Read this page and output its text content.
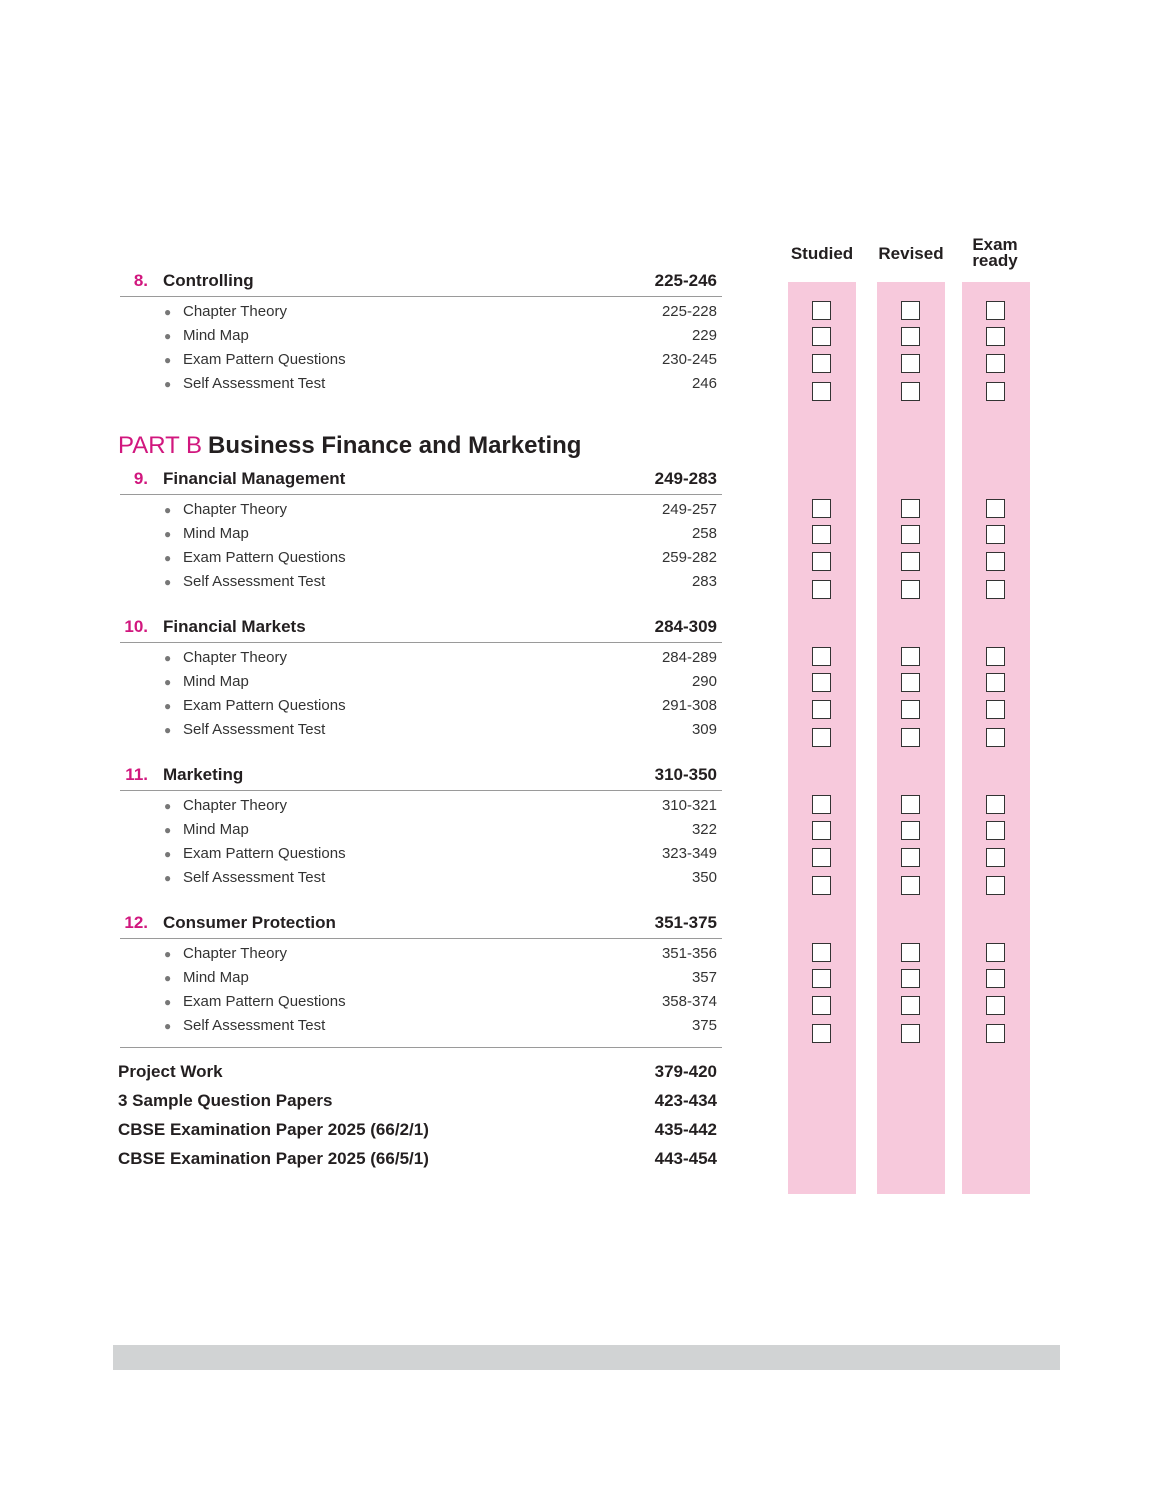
Studied	Revised	Exam
ready
PART B Business Finance and Marketing
8. Controlling	225-246
● Chapter Theory	225-228
● Mind Map	229
● Exam Pattern Questions	230-245
● Self Assessment Test	246
9. Financial Management	249-283
● Chapter Theory	249-257
● Mind Map	258
● Exam Pattern Questions	259-282
● Self Assessment Test	283
10. Financial Markets	284-309
● Chapter Theory	284-289
● Mind Map	290
● Exam Pattern Questions	291-308
● Self Assessment Test	309
11. Marketing	310-350
● Chapter Theory	310-321
● Mind Map	322
● Exam Pattern Questions	323-349
● Self Assessment Test	350
12. Consumer Protection	351-375
● Chapter Theory	351-356
● Mind Map	357
● Exam Pattern Questions	358-374
● Self Assessment Test	375
Project Work	379-420
3 Sample Question Papers	423-434
CBSE Examination Paper 2025 (66/2/1)	435-442
CBSE Examination Paper 2025 (66/5/1)	443-454
